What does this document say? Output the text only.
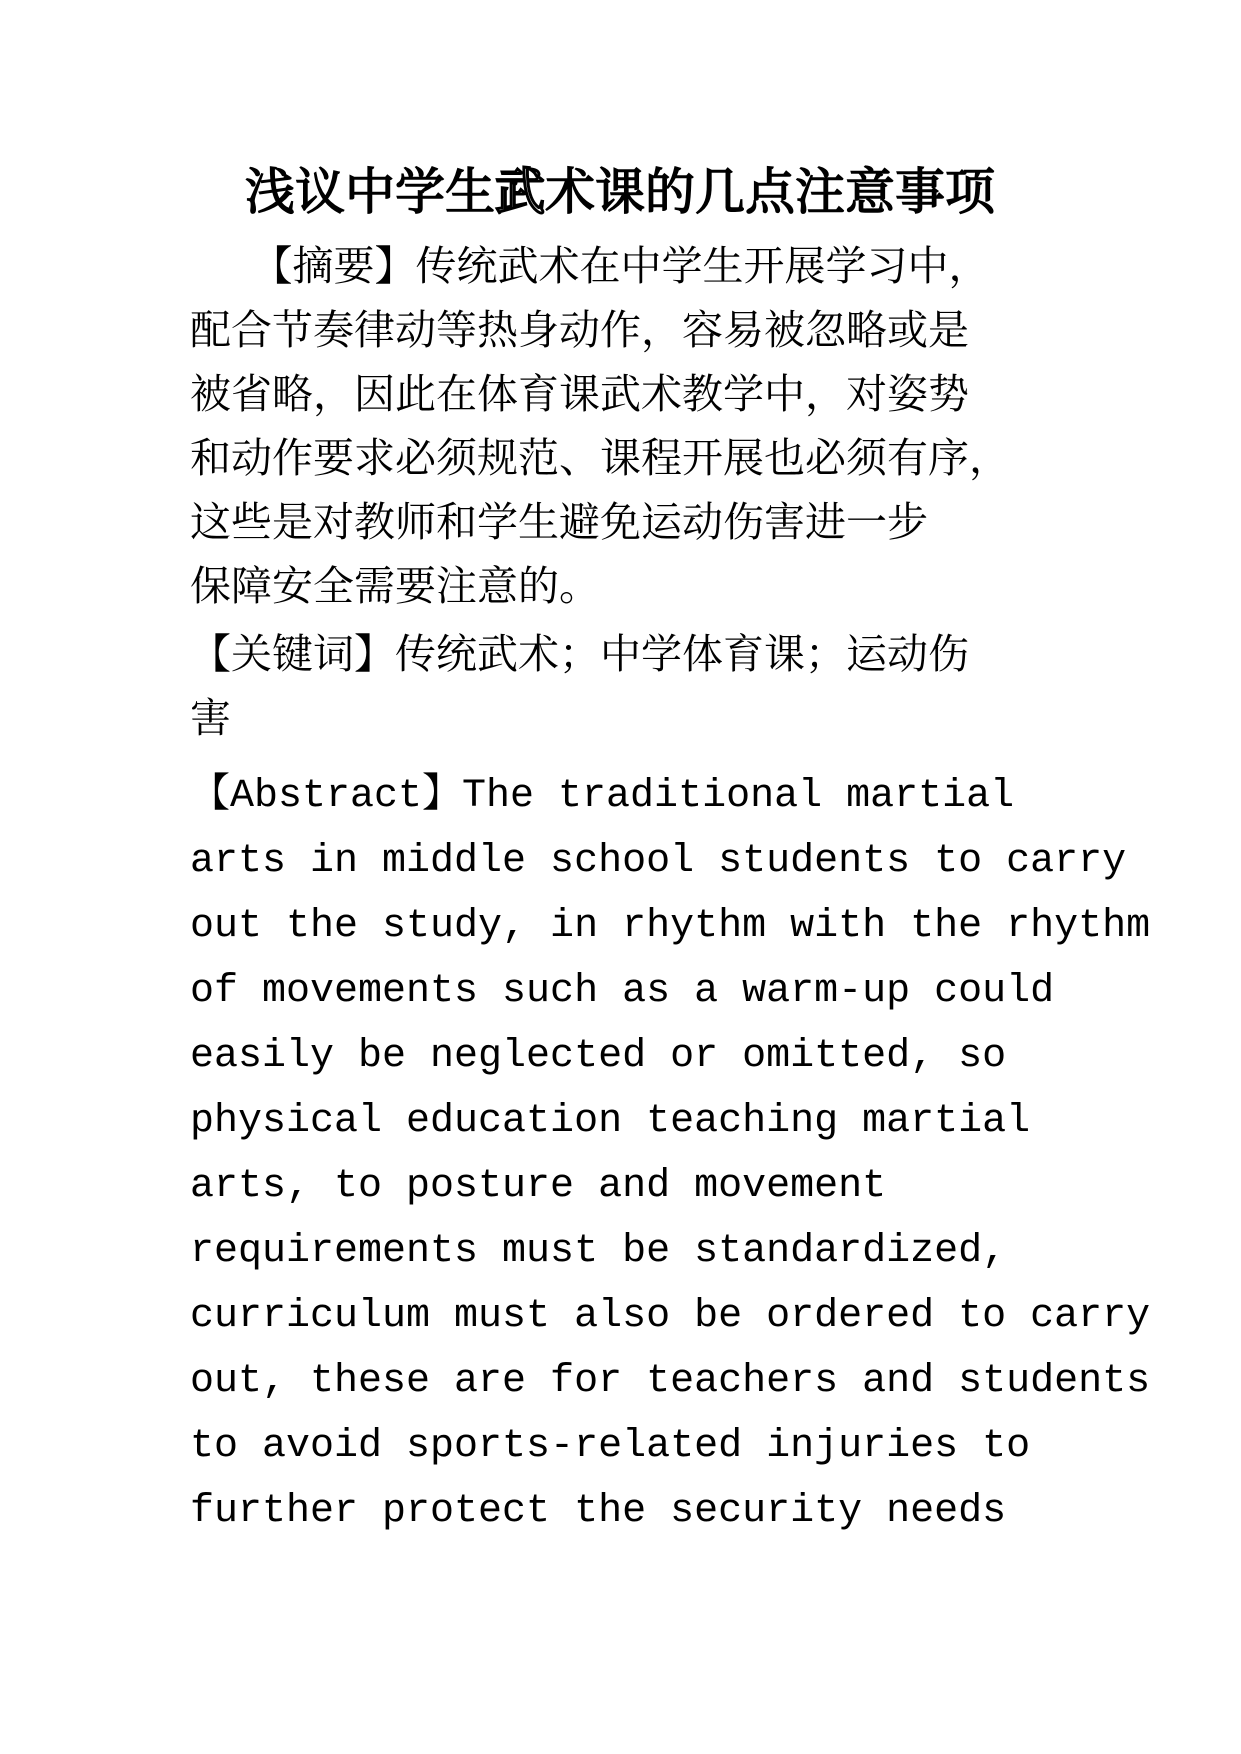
浅议中学生武术课的几点注意事项
　　【摘要】传统武术在中学生开展学习中，
配合节奏律动等热身动作，容易被忽略或是
被省略，因此在体育课武术教学中，对姿势
和动作要求必须规范、课程开展也必须有序，
这些是对教师和学生避免运动伤害进一步
保障安全需要注意的。
【关键词】传统武术；中学体育课；运动伤
害
【Abstract】The traditional martial
arts in middle school students to carry
out the study, in rhythm with the rhythm
of movements such as a warm-up could
easily be neglected or omitted, so
physical education teaching martial
arts, to posture and movement
requirements must be standardized,
curriculum must also be ordered to carry
out, these are for teachers and students
to avoid sports-related injuries to
further protect the security needs
